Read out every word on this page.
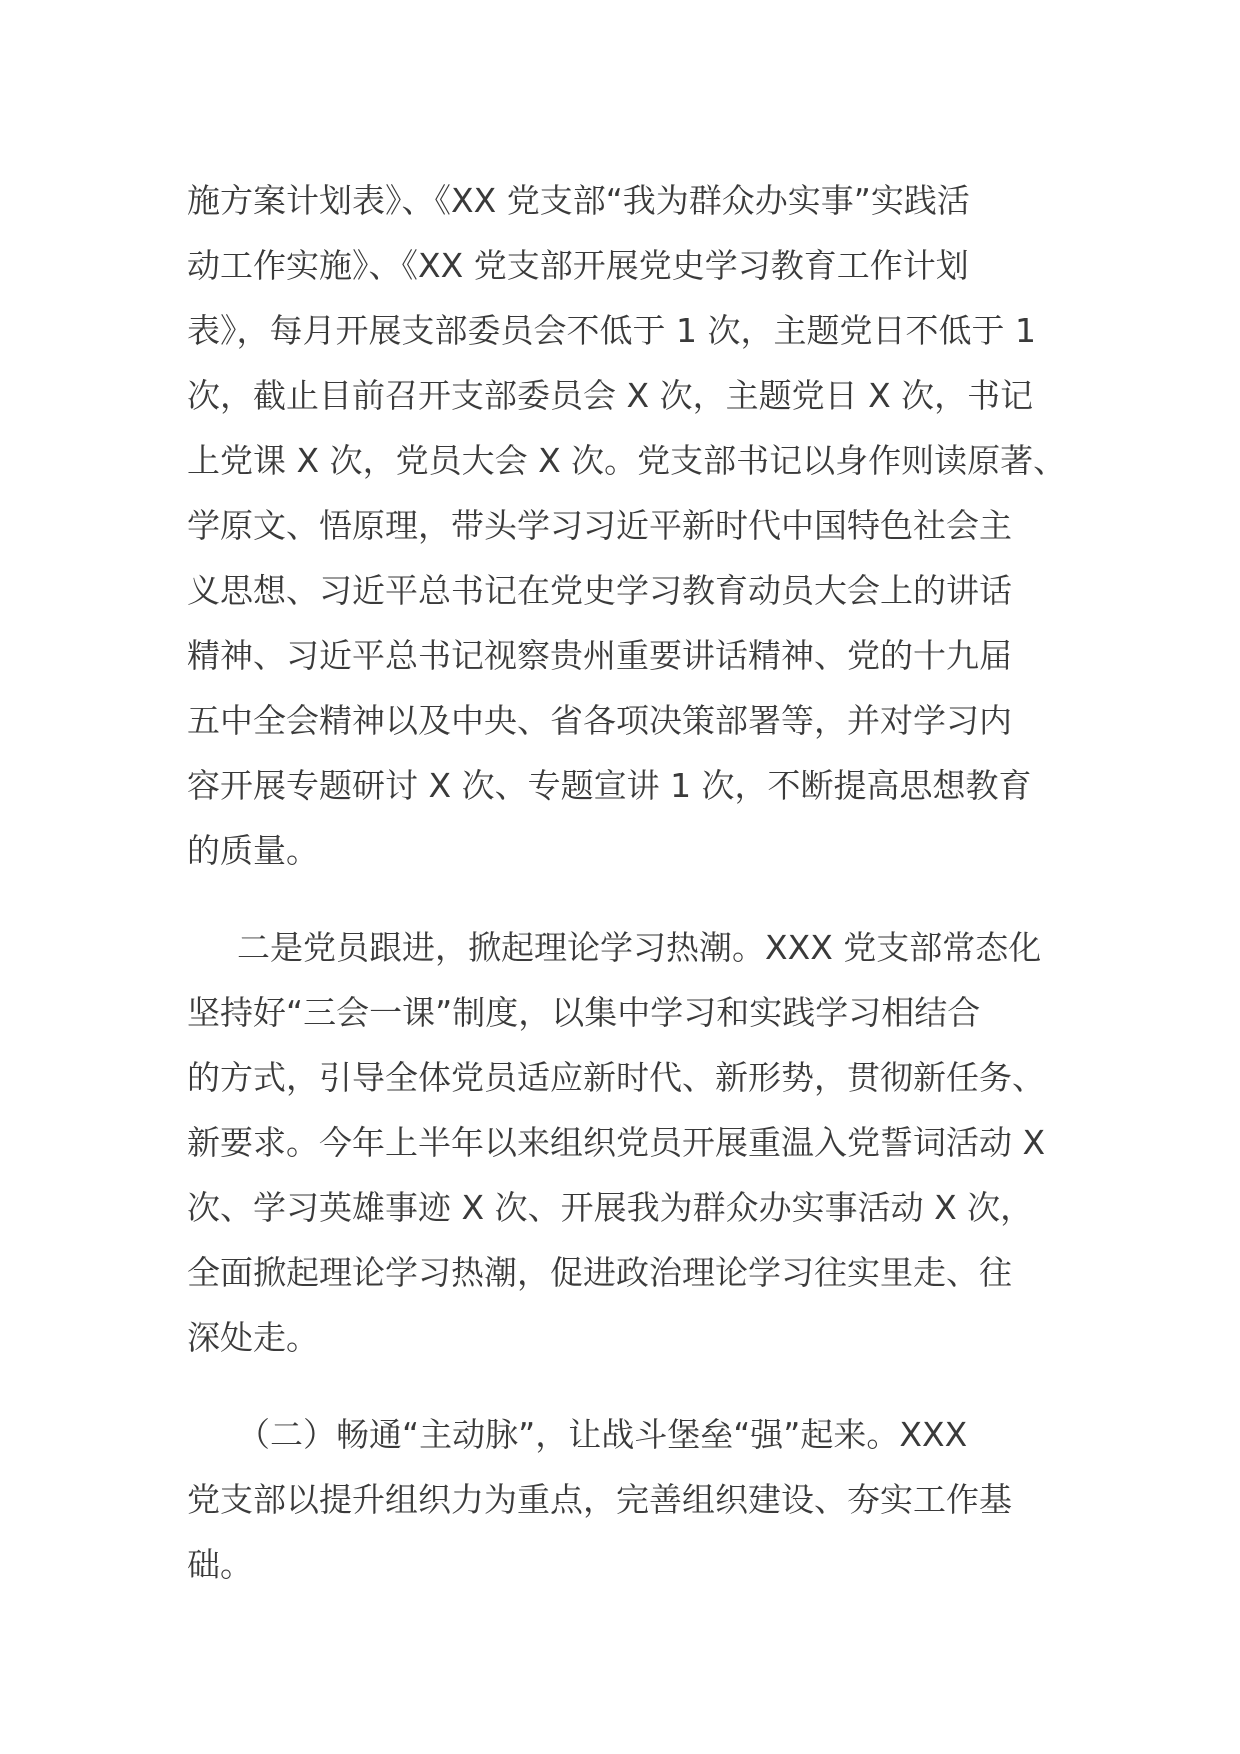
施方案计划表》、《XX 党支部“我为群众办实事”实践活
动工作实施》、《XX 党支部开展党史学习教育工作计划
表》，每月开展支部委员会不低于 1 次，主题党日不低于 1
次，截止目前召开支部委员会 X 次，主题党日 X 次，书记
上党课 X 次，党员大会 X 次。党支部书记以身作则读原著、
学原文、悟原理，带头学习习近平新时代中国特色社会主
义思想、习近平总书记在党史学习教育动员大会上的讲话
精神、习近平总书记视察贵州重要讲话精神、党的十九届
五中全会精神以及中央、省各项决策部署等，并对学习内
容开展专题研讨 X 次、专题宣讲 1 次，不断提高思想教育
的质量。
二是党员跟进，掀起理论学习热潮。XXX 党支部常态化
坚持好“三会一课”制度，以集中学习和实践学习相结合
的方式，引导全体党员适应新时代、新形势，贯彻新任务、
新要求。今年上半年以来组织党员开展重温入党誓词活动 X
次、学习英雄事迹 X 次、开展我为群众办实事活动 X 次，
全面掀起理论学习热潮，促进政治理论学习往实里走、往
深处走。
（二）畅通“主动脉”，让战斗堡垒“强”起来。XXX
党支部以提升组织力为重点，完善组织建设、夯实工作基
础。
